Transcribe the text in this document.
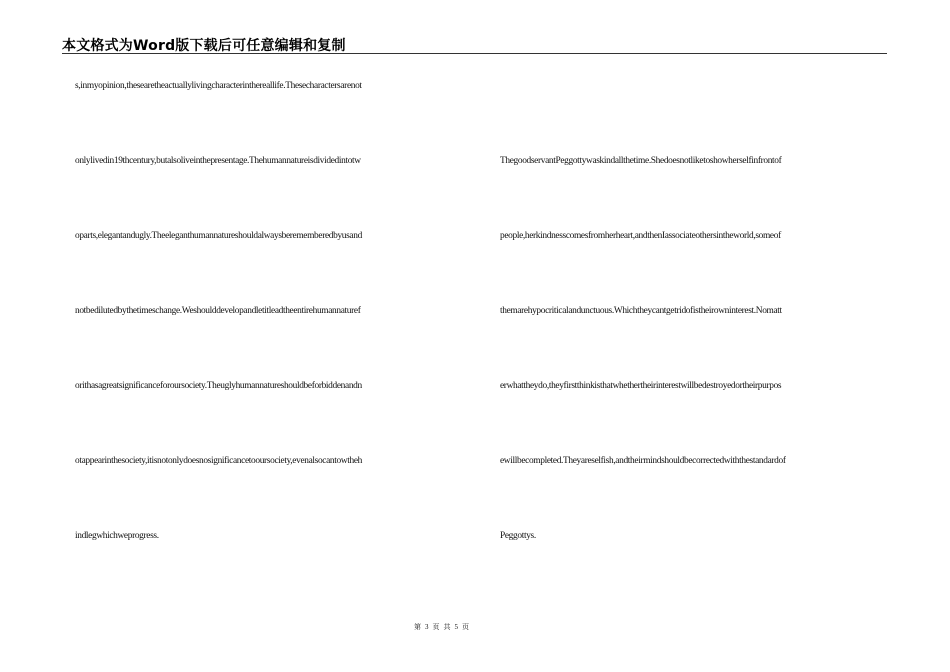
本文格式为Word版下载后可任意编辑和复制
s,inmyopinion,thesearetheactuallylivingcharacterinthereallife.Thesecharactersarenot
onlylivedin19thcentury,butalsoliveinthepresentage.Thehumannatureisdividedintotw
oparts,elegantandugly.Theeleganthumannatureshouldalwaysberememberedbyusand
notbedilutedbythetimeschange.Weshoulddevelopandletitleadtheentirehumannaturef
orithasagreatsignificanceforoursociety.Theuglyhumannatureshouldbeforbiddenandn
otappearinthesociety,itisnotonlydoesnosignificancetooursociety,evenalsocantowtheh
indlegwhichweprogress.
ThegoodservantPeggottywaskindallthetime.Shedoesnotliketoshowherselfinfrontof
people,herkindnesscomesfromherheart,andthenIassociateothersintheworld,someof
themarehypocriticalandunctuous.Whichtheycantgetridofistheirowninterest.Nomatt
erwhattheydo,theyfirstthinkisthatwhethertheirinterestwillbedestroyedortheirpurpos
ewillbecompleted.Theyareselfish,andtheirmindshouldbecorrectedwiththestandardof
Peggottys.
第 3 页 共 5 页
